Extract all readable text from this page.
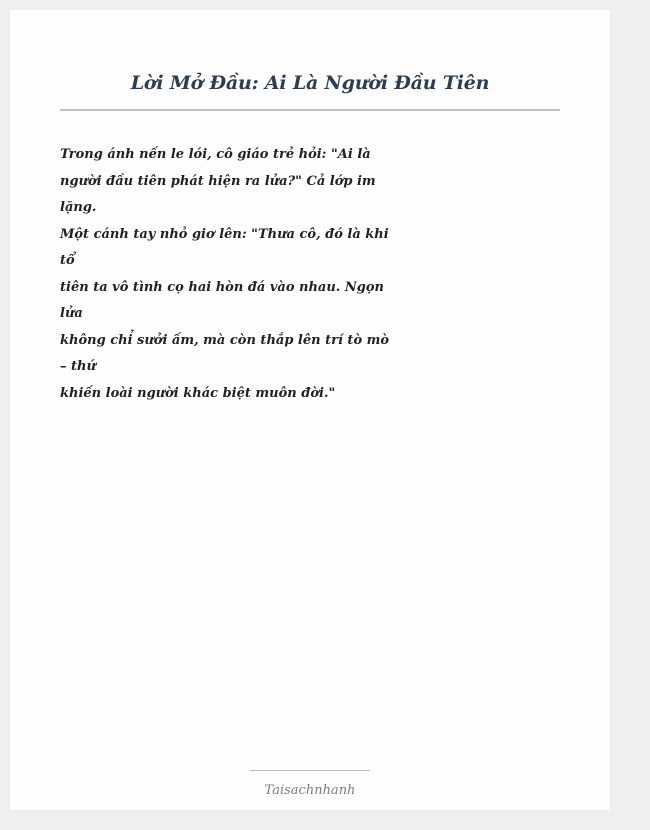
Lời Mở Đầu: Ai Là Người Đầu Tiên
Trong ánh nến le lói, cô giáo trẻ hỏi: "Ai là
người đầu tiên phát hiện ra lửa?" Cả lớp im
lặng.
Một cánh tay nhỏ giơ lên: "Thưa cô, đó là khi
tổ
tiên ta vô tình cọ hai hòn đá vào nhau. Ngọn
lửa
không chỉ sưởi ấm, mà còn thắp lên trí tò mò
– thứ
khiến loài người khác biệt muôn đời."
Taisachnhanh
